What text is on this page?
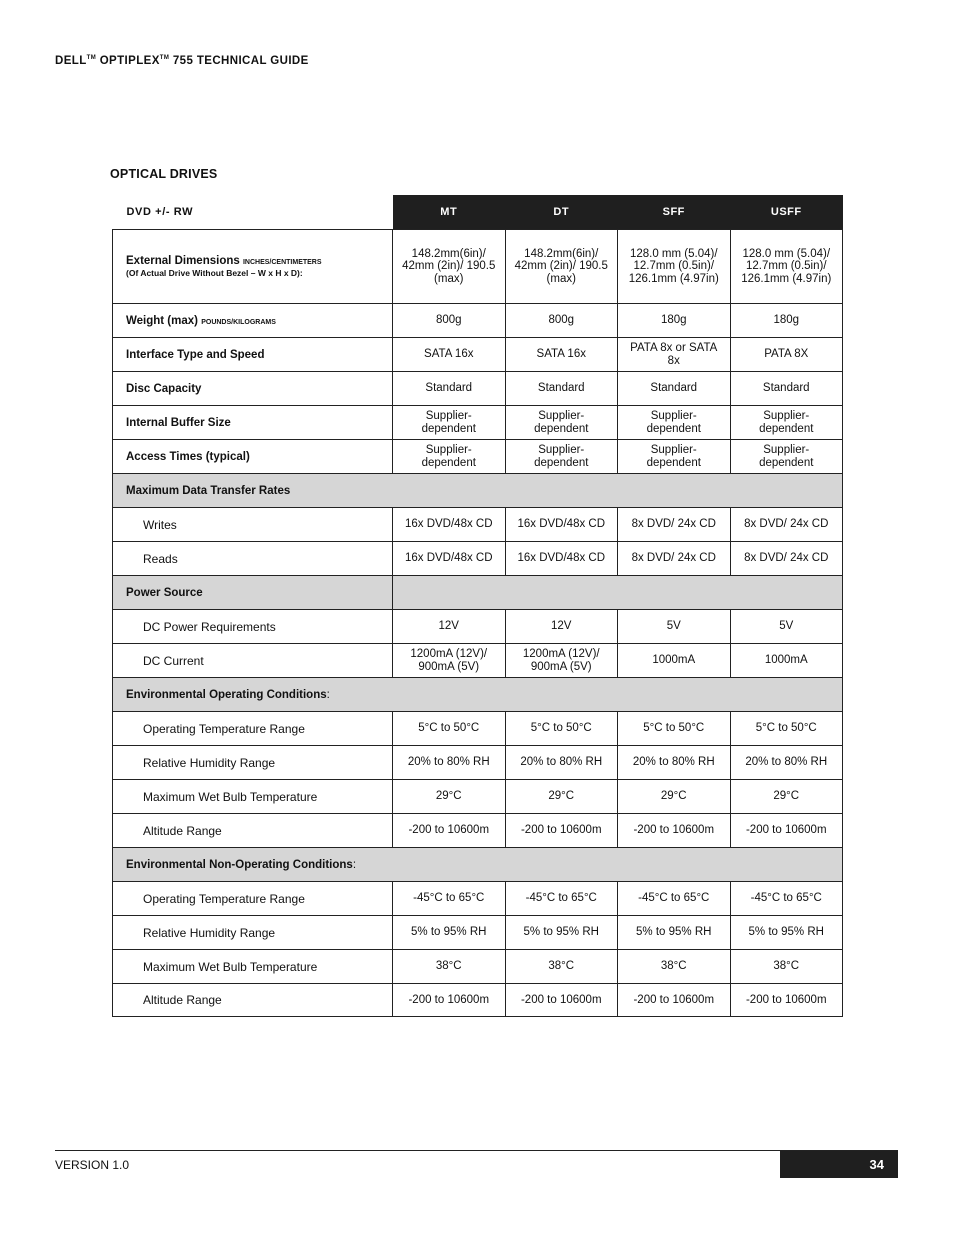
DELL™ OPTIPLEX™ 755 TECHNICAL GUIDE
OPTICAL DRIVES
DVD +/- RW	MT	DT	SFF	USFF

External Dimensions INCHES/CENTIMETERS
(Of Actual Drive Without Bezel – W x H x D):	148.2mm(6in)/ 42mm (2in)/ 190.5 (max)	148.2mm(6in)/ 42mm (2in)/ 190.5 (max)	128.0 mm (5.04)/ 12.7mm (0.5in)/ 126.1mm (4.97in)	128.0 mm (5.04)/ 12.7mm (0.5in)/ 126.1mm (4.97in)
Weight (max) POUNDS/KILOGRAMS	800g	800g	180g	180g
Interface Type and Speed	SATA 16x	SATA 16x	PATA 8x or SATA 8x	PATA 8X
Disc Capacity	Standard	Standard	Standard	Standard
Internal Buffer Size	Supplier-dependent	Supplier-dependent	Supplier-dependent	Supplier-dependent
Access Times (typical)	Supplier-dependent	Supplier-dependent	Supplier-dependent	Supplier-dependent
Maximum Data Transfer Rates				
Writes	16x DVD/48x CD	16x DVD/48x CD	8x DVD/ 24x CD	8x DVD/ 24x CD
Reads	16x DVD/48x CD	16x DVD/48x CD	8x DVD/ 24x CD	8x DVD/ 24x CD
Power Source				
DC Power Requirements	12V	12V	5V	5V
DC Current	1200mA (12V)/ 900mA (5V)	1200mA (12V)/ 900mA (5V)	1000mA	1000mA
Environmental Operating Conditions:				
Operating Temperature Range	5°C to 50°C	5°C to 50°C	5°C to 50°C	5°C to 50°C
Relative Humidity Range	20% to 80% RH	20% to 80% RH	20% to 80% RH	20% to 80% RH
Maximum Wet Bulb Temperature	29°C	29°C	29°C	29°C
Altitude Range	-200 to 10600m	-200 to 10600m	-200 to 10600m	-200 to 10600m
Environmental Non-Operating Conditions:				
Operating Temperature Range	-45°C to 65°C	-45°C to 65°C	-45°C to 65°C	-45°C to 65°C
Relative Humidity Range	5% to 95% RH	5% to 95% RH	5% to 95% RH	5% to 95% RH
Maximum Wet Bulb Temperature	38°C	38°C	38°C	38°C
Altitude Range	-200 to 10600m	-200 to 10600m	-200 to 10600m	-200 to 10600m
VERSION 1.0	34
